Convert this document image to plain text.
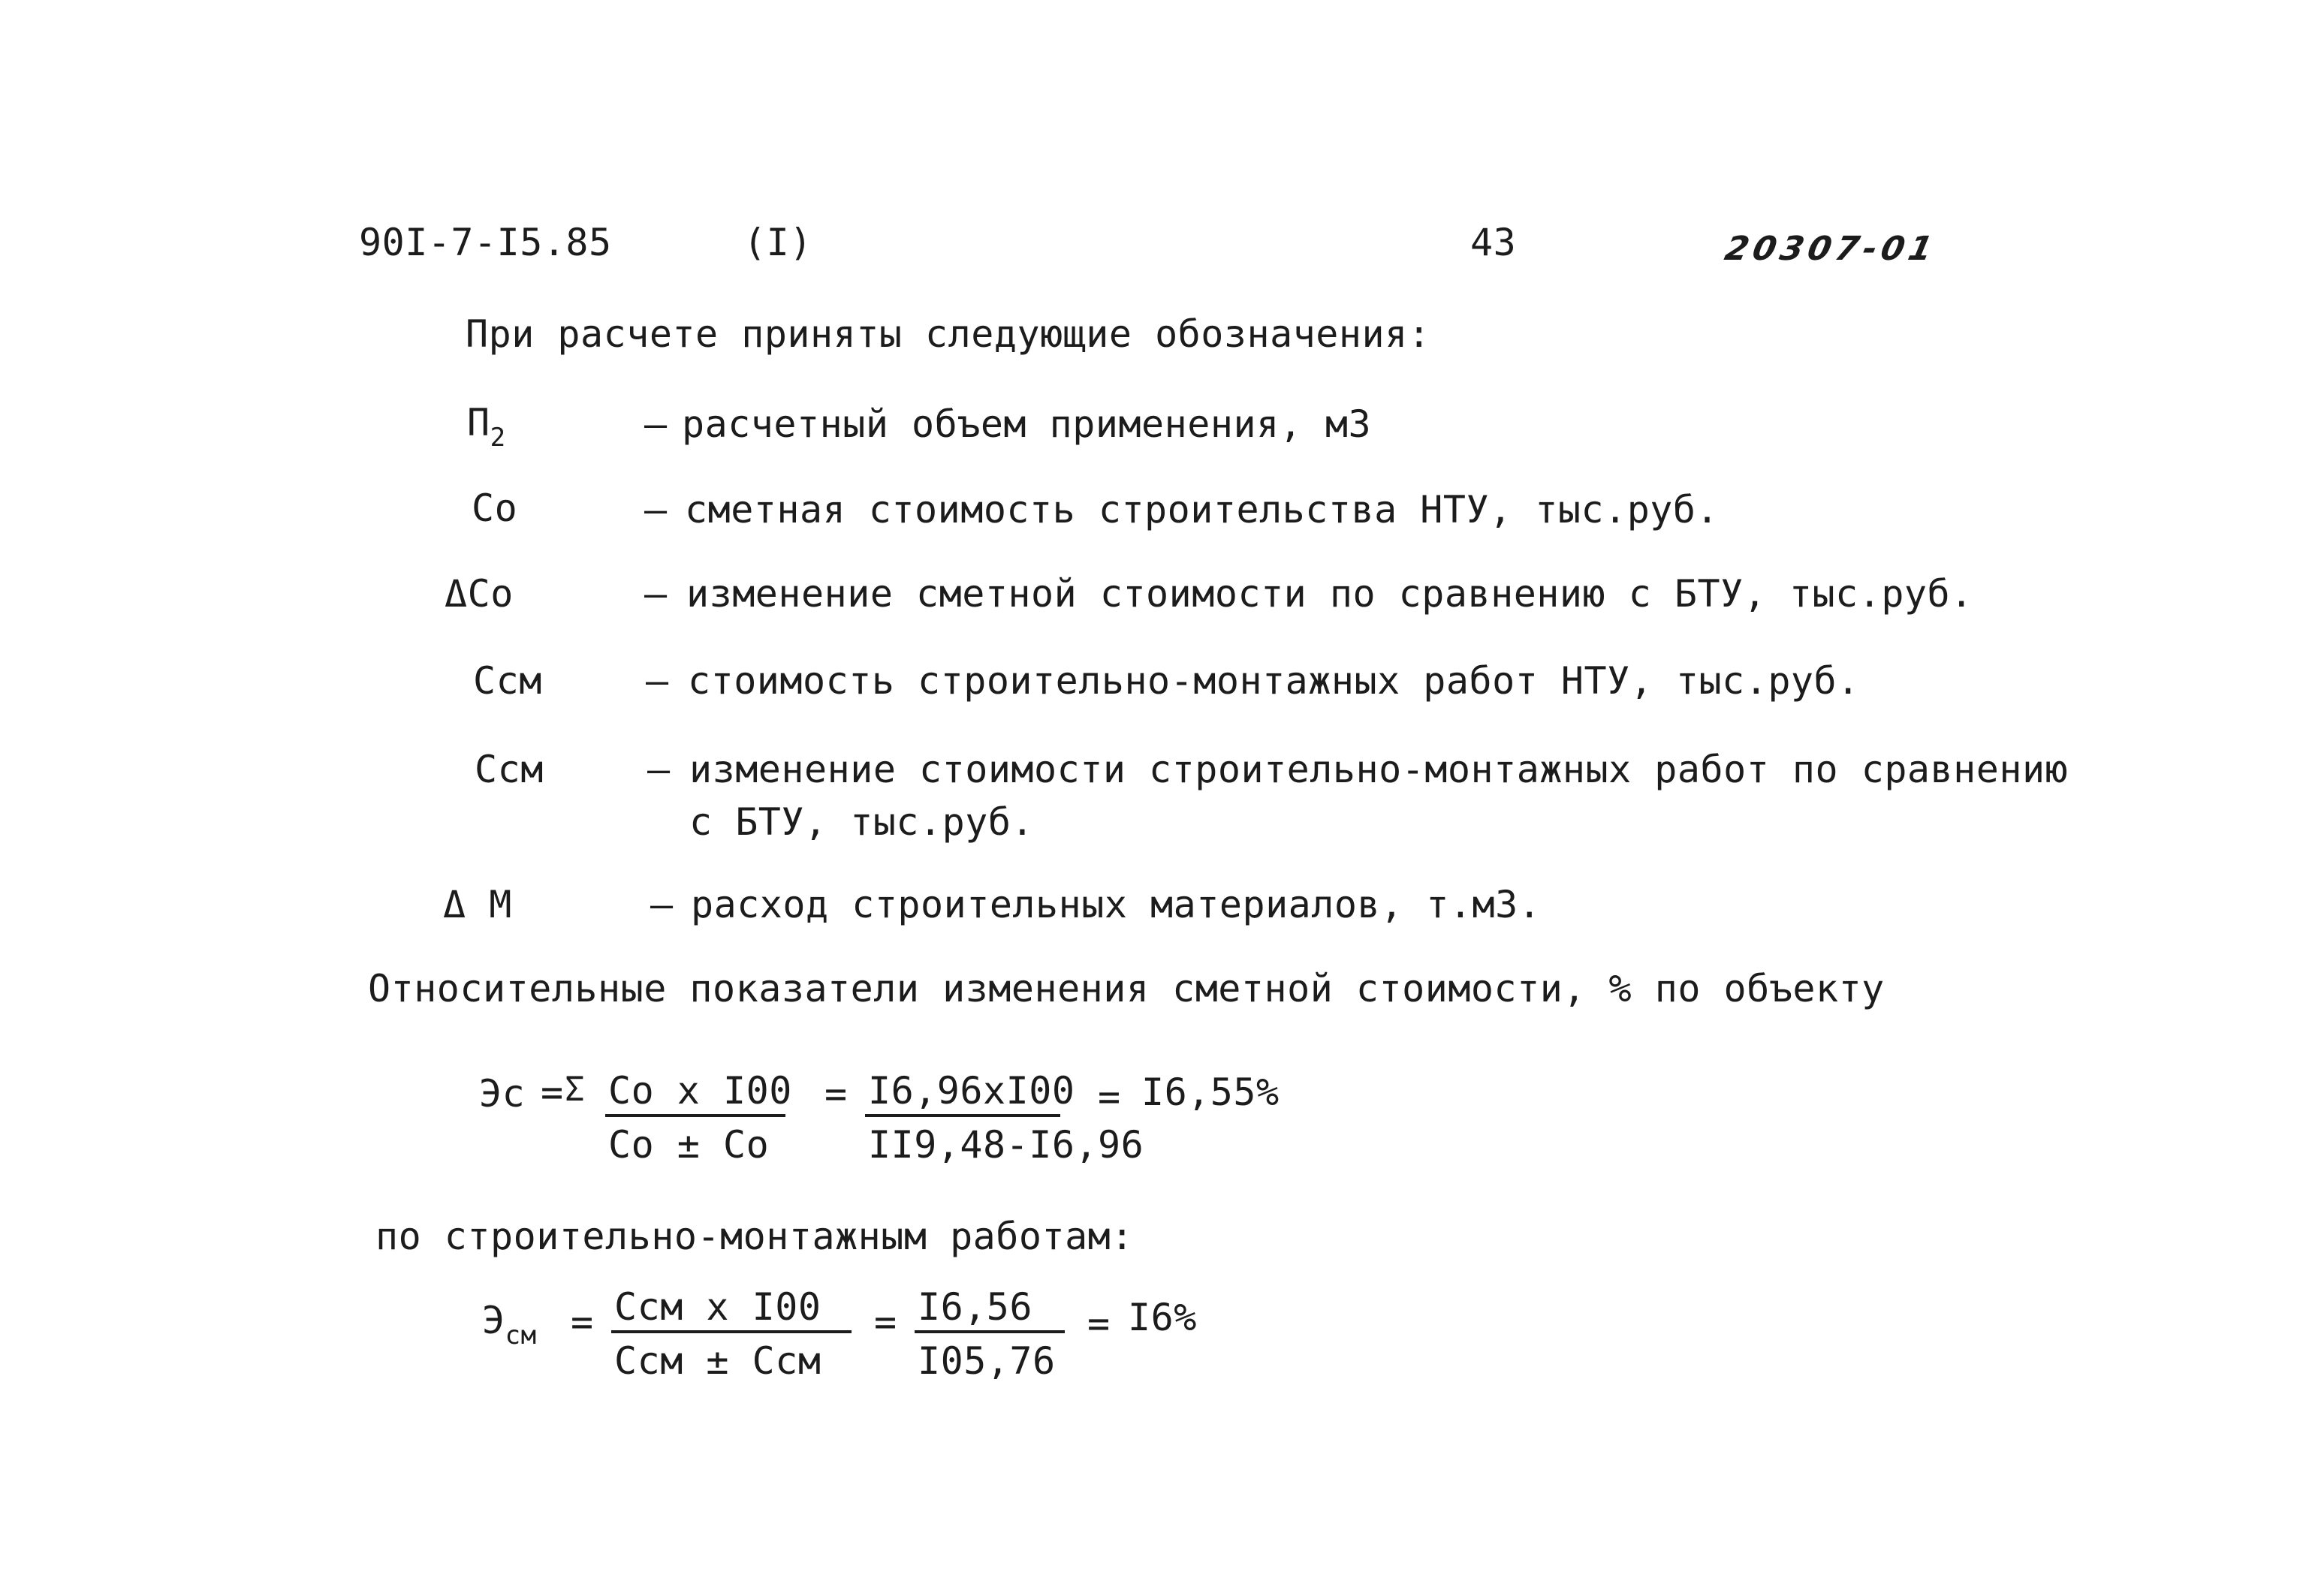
90I-7-I5.85	(I)	43	20307-01
При расчете приняты следующие обозначения:
$П_2$	– расчетный объем применения, м3
Со	– сметная стоимость строительства НТУ, тыс.руб.
ΔСо	– изменение сметной стоимости по сравнению с БТУ, тыс.руб.
Ссм	– стоимость строительно-монтажных работ НТУ, тыс.руб.
Ссм	– изменение стоимости строительно-монтажных работ по сравнению
с БТУ, тыс.руб.
Δ М	– расход строительных материалов, т.м3.
Относительные показатели изменения сметной стоимости, % по объекту
Эс = Σ Со х I00
Со ± Со
= I6,96хI00
II9,48-I6,96
= I6,55%
по строительно-монтажным работам:
$Э_{см}$ = Ссм х I00
Ссм ± Ссм
= I6,56
I05,76
= I6%
